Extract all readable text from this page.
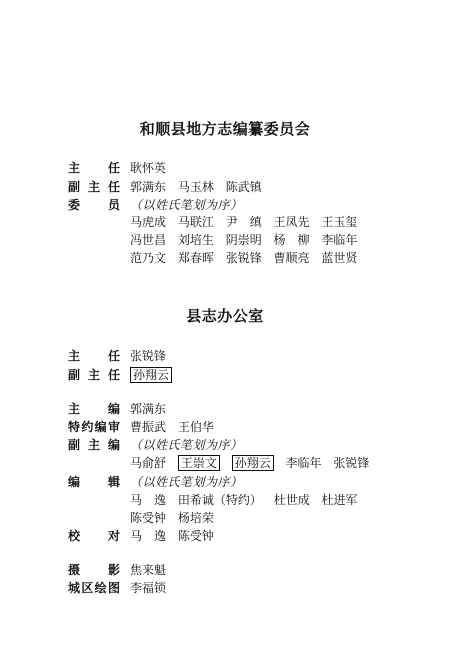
和顺县地方志编纂委员会
主 任 耿怀英
副 主 任 郭满东 马玉林 陈武镇
委 员 （以姓氏笔划为序）
马虎成 马联江 尹　缜 王凤先 王玉玺
冯世昌 刘培生 阴崇明 杨　柳 李临年
范乃文 郑春晖 张锐锋 曹顺亮 蓝世贤
县志办公室
主 任 张锐锋
副 主 任 孙翔云
主 编 郭满东
特 约 编 审 曹振武 王伯华
副 主 编 （以姓氏笔划为序）
马俞舒 王崇文 孙翔云 李临年 张锐锋
编 辑 （以姓氏笔划为序）
马　逸 田希诚（特约） 杜世成 杜进军
陈受钟 杨培荣
校 对 马　逸 陈受钟
摄 影 焦来魁
城 区 绘 图 李福锁
